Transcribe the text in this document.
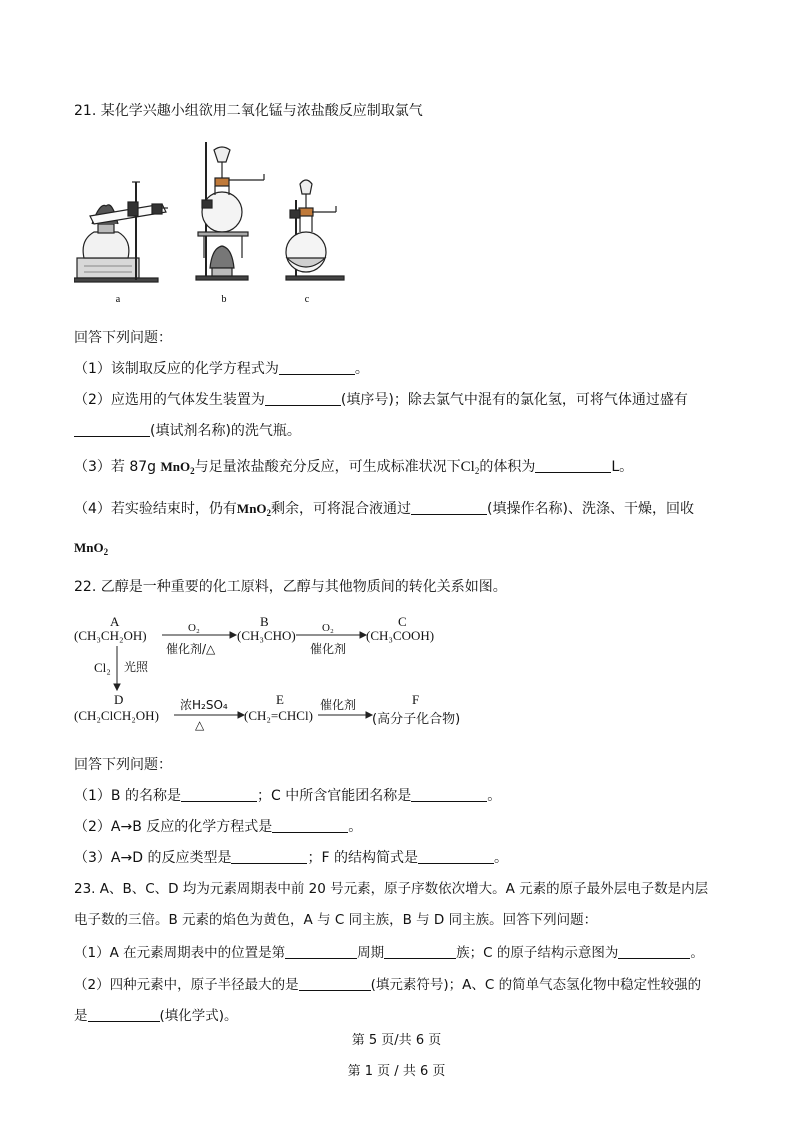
21. 某化学兴趣小组欲用二氧化锰与浓盐酸反应制取氯气
a	b	c
回答下列问题：
（1）该制取反应的化学方程式为	。
（2）应选用的气体发生装置为	(填序号)；除去氯气中混有的氯化氢，可将气体通过盛有
(填试剂名称)的洗气瓶。
（3）若 87g MnO$_2$与足量浓盐酸充分反应，可生成标准状况下$Cl_2$的体积为	L。
（4）若实验结束时，仍有MnO$_2$剩余，可将混合液通过	(填操作名称)、洗涤、干燥，回收
MnO$_2$
22. 乙醇是一种重要的化工原料，乙醇与其他物质间的转化关系如图。
A
(CH₃CH₂OH)	O₂
催化剂/△
B
(CH₃CHO) O₂
催化剂
C
(CH₃COOH)
Cl₂ 光照
D
(CH₂ClCH₂OH)
浓H₂SO₄
△
E
(CH₂=CHCl)
催化剂	F
(高分子化合物)
回答下列问题：
（1）B 的名称是	；C 中所含官能团名称是	。
（2）A→B 反应的化学方程式是	。
（3）A→D 的反应类型是	；F 的结构简式是	。
23. A、B、C、D 均为元素周期表中前 20 号元素，原子序数依次增大。A 元素的原子最外层电子数是内层
电子数的三倍。B 元素的焰色为黄色，A 与 C 同主族，B 与 D 同主族。回答下列问题：
（1）A 在元素周期表中的位置是第	周期	族；C 的原子结构示意图为	。
（2）四种元素中，原子半径最大的是	(填元素符号)；A、C 的简单气态氢化物中稳定性较强的
是	(填化学式)。
第 5 页/共 6 页
第 1 页 / 共 6 页
